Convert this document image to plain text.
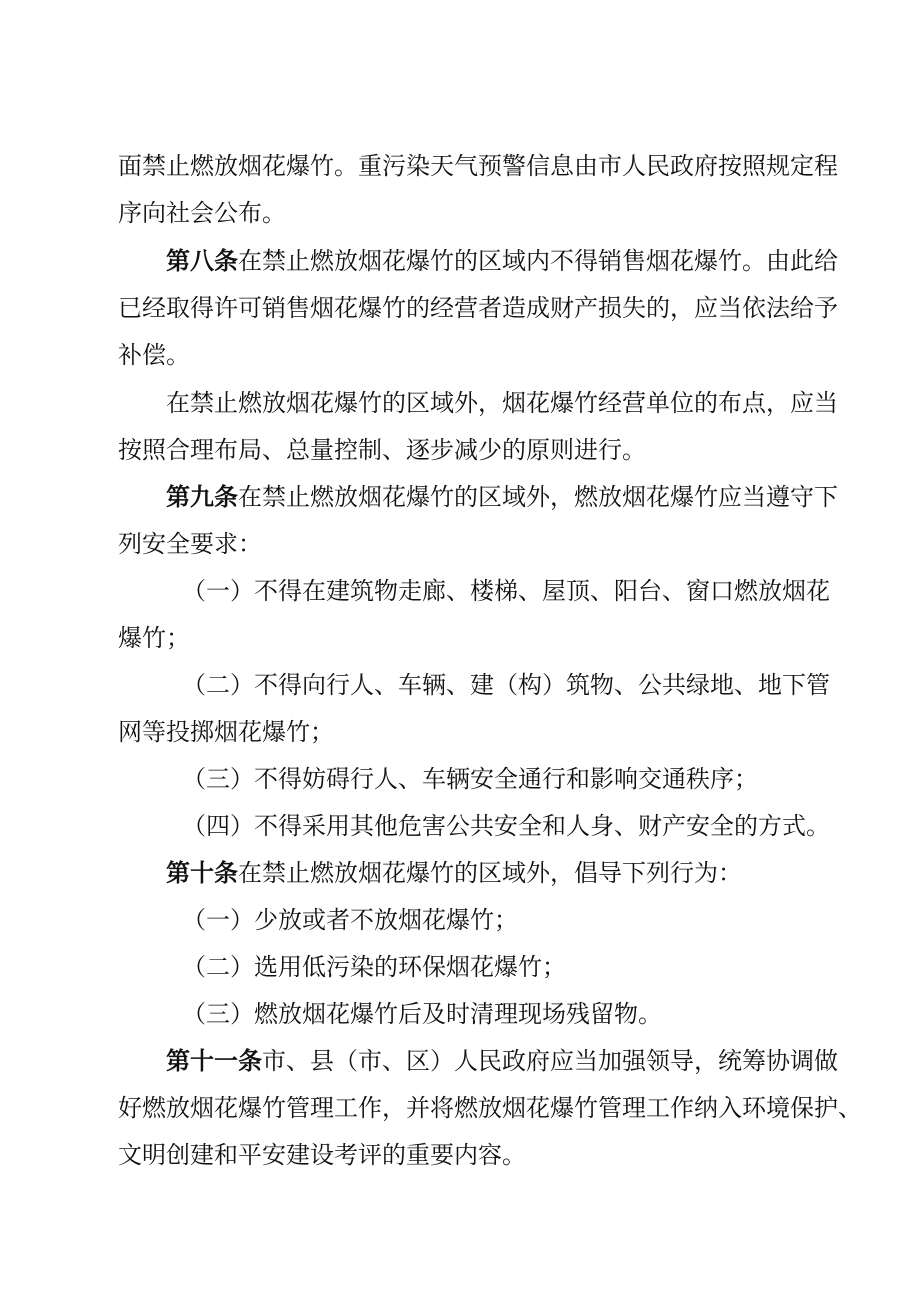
面禁止燃放烟花爆竹。重污染天气预警信息由市人民政府按照规定程
序向社会公布。
第八条在禁止燃放烟花爆竹的区域内不得销售烟花爆竹。由此给
已经取得许可销售烟花爆竹的经营者造成财产损失的，应当依法给予
补偿。
在禁止燃放烟花爆竹的区域外，烟花爆竹经营单位的布点，应当
按照合理布局、总量控制、逐步减少的原则进行。
第九条在禁止燃放烟花爆竹的区域外，燃放烟花爆竹应当遵守下
列安全要求：
（一）不得在建筑物走廊、楼梯、屋顶、阳台、窗口燃放烟花
爆竹；
（二）不得向行人、车辆、建（构）筑物、公共绿地、地下管
网等投掷烟花爆竹；
（三）不得妨碍行人、车辆安全通行和影响交通秩序；
（四）不得采用其他危害公共安全和人身、财产安全的方式。
第十条在禁止燃放烟花爆竹的区域外，倡导下列行为：
（一）少放或者不放烟花爆竹；
（二）选用低污染的环保烟花爆竹；
（三）燃放烟花爆竹后及时清理现场残留物。
第十一条市、县（市、区）人民政府应当加强领导，统筹协调做
好燃放烟花爆竹管理工作，并将燃放烟花爆竹管理工作纳入环境保护、
文明创建和平安建设考评的重要内容。
